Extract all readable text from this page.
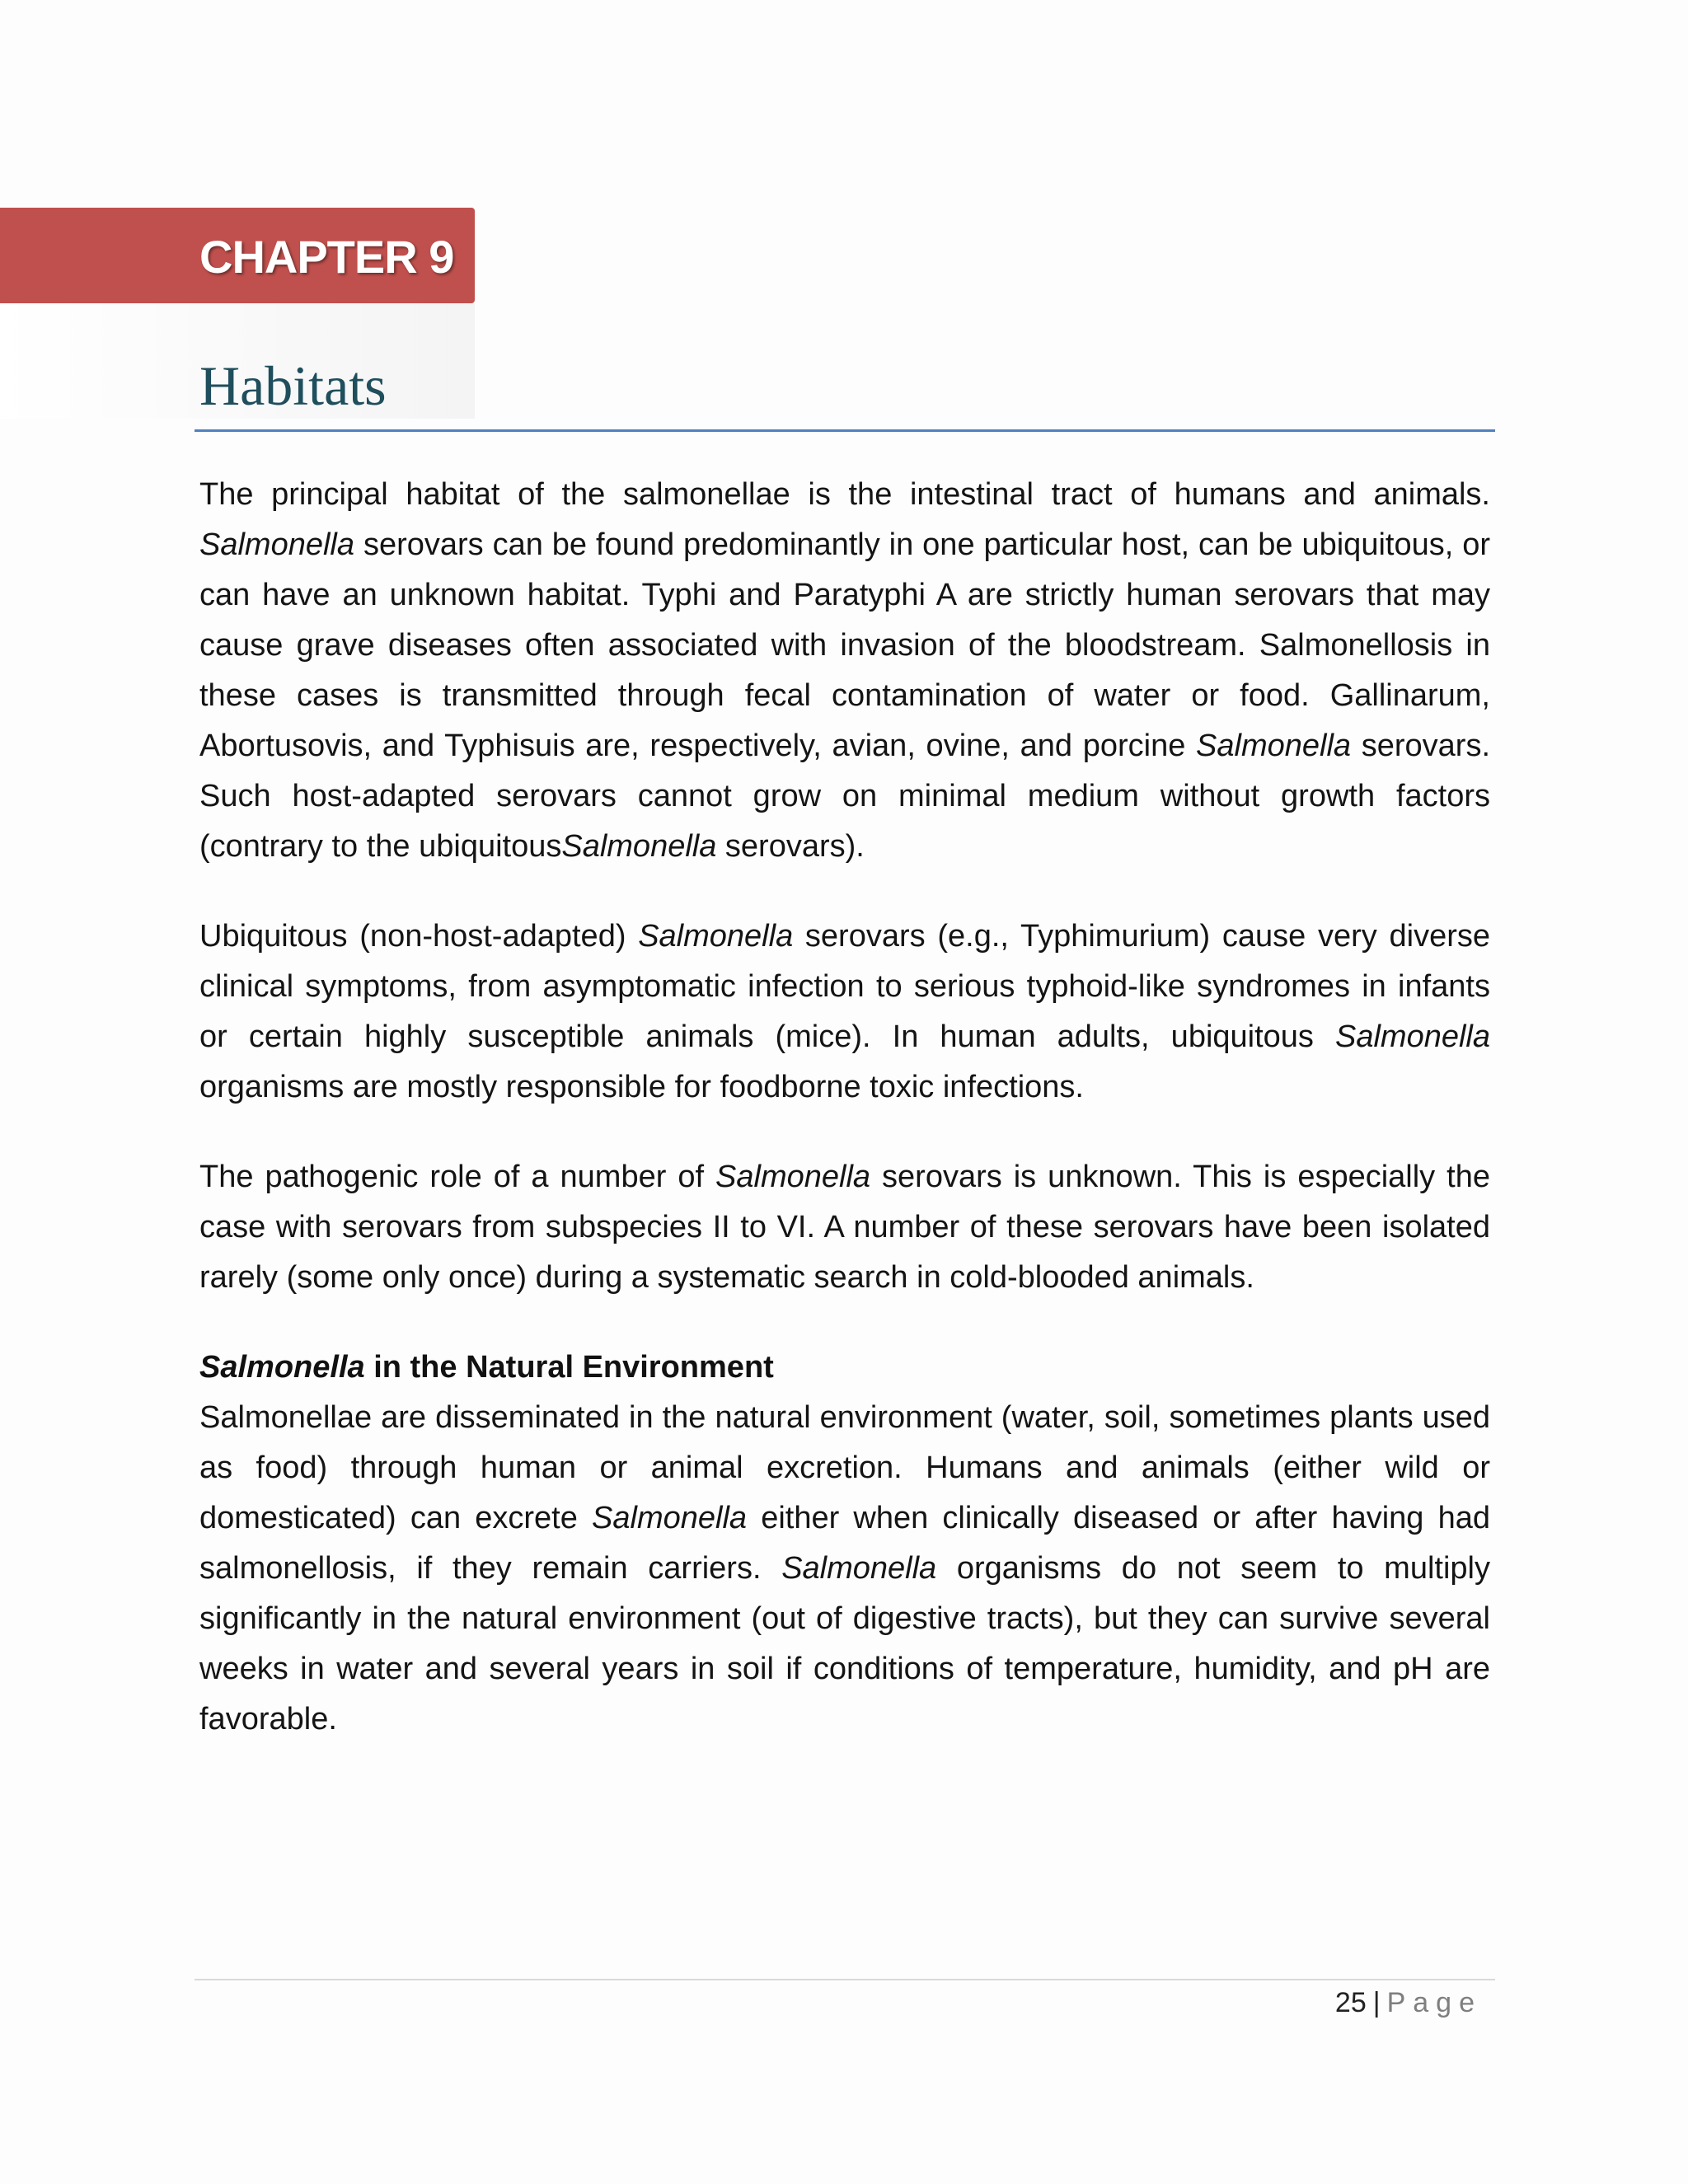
CHAPTER 9
Habitats

The principal habitat of the salmonellae is the intestinal tract of humans and animals. Salmonella serovars can be found predominantly in one particular host, can be ubiquitous, or can have an unknown habitat. Typhi and Paratyphi A are strictly human serovars that may cause grave diseases often associated with invasion of the bloodstream. Salmonellosis in these cases is transmitted through fecal contamination of water or food. Gallinarum, Abortusovis, and Typhisuis are, respectively, avian, ovine, and porcine Salmonella serovars. Such host-adapted serovars cannot grow on minimal medium without growth factors (contrary to the ubiquitousSalmonella serovars).

Ubiquitous (non-host-adapted) Salmonella serovars (e.g., Typhimurium) cause very diverse clinical symptoms, from asymptomatic infection to serious typhoid-like syndromes in infants or certain highly susceptible animals (mice). In human adults, ubiquitous Salmonella organisms are mostly responsible for foodborne toxic infections.

The pathogenic role of a number of Salmonella serovars is unknown. This is especially the case with serovars from subspecies II to VI. A number of these serovars have been isolated rarely (some only once) during a systematic search in cold-blooded animals.

Salmonella in the Natural Environment

Salmonellae are disseminated in the natural environment (water, soil, sometimes plants used as food) through human or animal excretion. Humans and animals (either wild or domesticated) can excrete Salmonella either when clinically diseased or after having had salmonellosis, if they remain carriers. Salmonella organisms do not seem to multiply significantly in the natural environment (out of digestive tracts), but they can survive several weeks in water and several years in soil if conditions of temperature, humidity, and pH are favorable.

25 | Page
